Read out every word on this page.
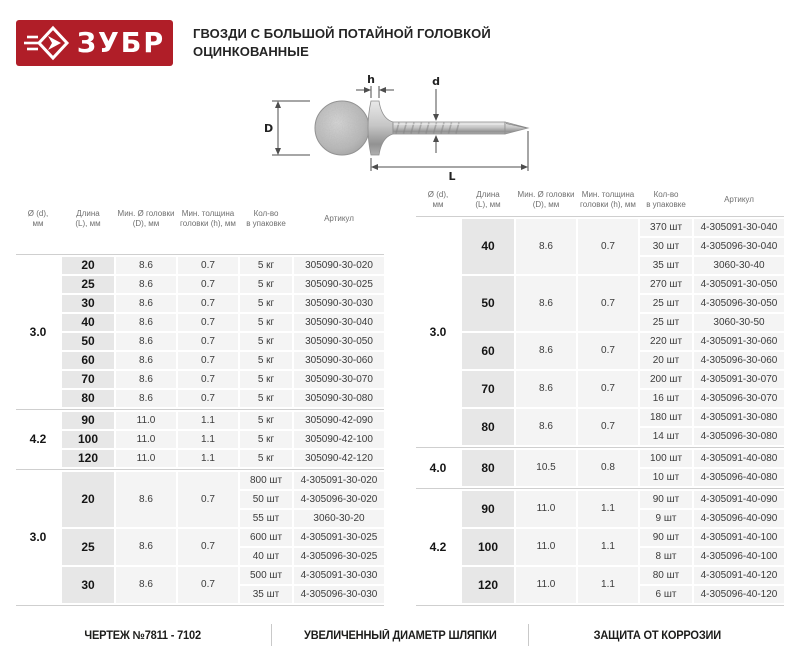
ЗУБР ГВОЗДИ С БОЛЬШОЙ ПОТАЙНОЙ ГОЛОВКОЙ
ОЦИНКОВАННЫЕ
D
h	d
L
Ø (d),
мм

Длина
(L), мм

Мин. Ø головки
(D), мм

Мин. толщина
головки (h), мм

Кол-во
в упаковке

Артикул

3.0	20	8.6	0.7	5 кг	305090-30-020
	25	8.6	0.7	5 кг	305090-30-025
	30	8.6	0.7	5 кг	305090-30-030
	40	8.6	0.7	5 кг	305090-30-040
	50	8.6	0.7	5 кг	305090-30-050
	60	8.6	0.7	5 кг	305090-30-060
	70	8.6	0.7	5 кг	305090-30-070
	80	8.6	0.7	5 кг	305090-30-080

4.2	90	11.0	1.1	5 кг	305090-42-090
	100	11.0	1.1	5 кг	305090-42-100
	120	11.0	1.1	5 кг	305090-42-120

3.0	20	8.6	0.7	800 шт	4-305091-30-020
				50 шт	4-305096-30-020
				55 шт	3060-30-20
	25	8.6	0.7	600 шт	4-305091-30-025
				40 шт	4-305096-30-025
	30	8.6	0.7	500 шт	4-305091-30-030
				35 шт	4-305096-30-030

Ø (d),
мм

Длина
(L), мм

Мин. Ø головки
(D), мм

Мин. толщина
головки (h), мм

Кол-во
в упаковке

Артикул

3.0	40	8.6	0.7	370 шт	4-305091-30-040
				30 шт	4-305096-30-040
				35 шт	3060-30-40
	50	8.6	0.7	270 шт	4-305091-30-050
				25 шт	4-305096-30-050
				25 шт	3060-30-50
	60	8.6	0.7	220 шт	4-305091-30-060
				20 шт	4-305096-30-060
	70	8.6	0.7	200 шт	4-305091-30-070
				16 шт	4-305096-30-070
	80	8.6	0.7	180 шт	4-305091-30-080
				14 шт	4-305096-30-080

4.0	80	10.5	0.8	100 шт	4-305091-40-080
				10 шт	4-305096-40-080

4.2	90	11.0	1.1	90 шт	4-305091-40-090
				9 шт	4-305096-40-090
	100	11.0	1.1	90 шт	4-305091-40-100
				8 шт	4-305096-40-100
	120	11.0	1.1	80 шт	4-305091-40-120
				6 шт	4-305096-40-120

ЧЕРТЕЖ №7811 - 7102	УВЕЛИЧЕННЫЙ ДИАМЕТР ШЛЯПКИ	ЗАЩИТА ОТ КОРРОЗИИ
